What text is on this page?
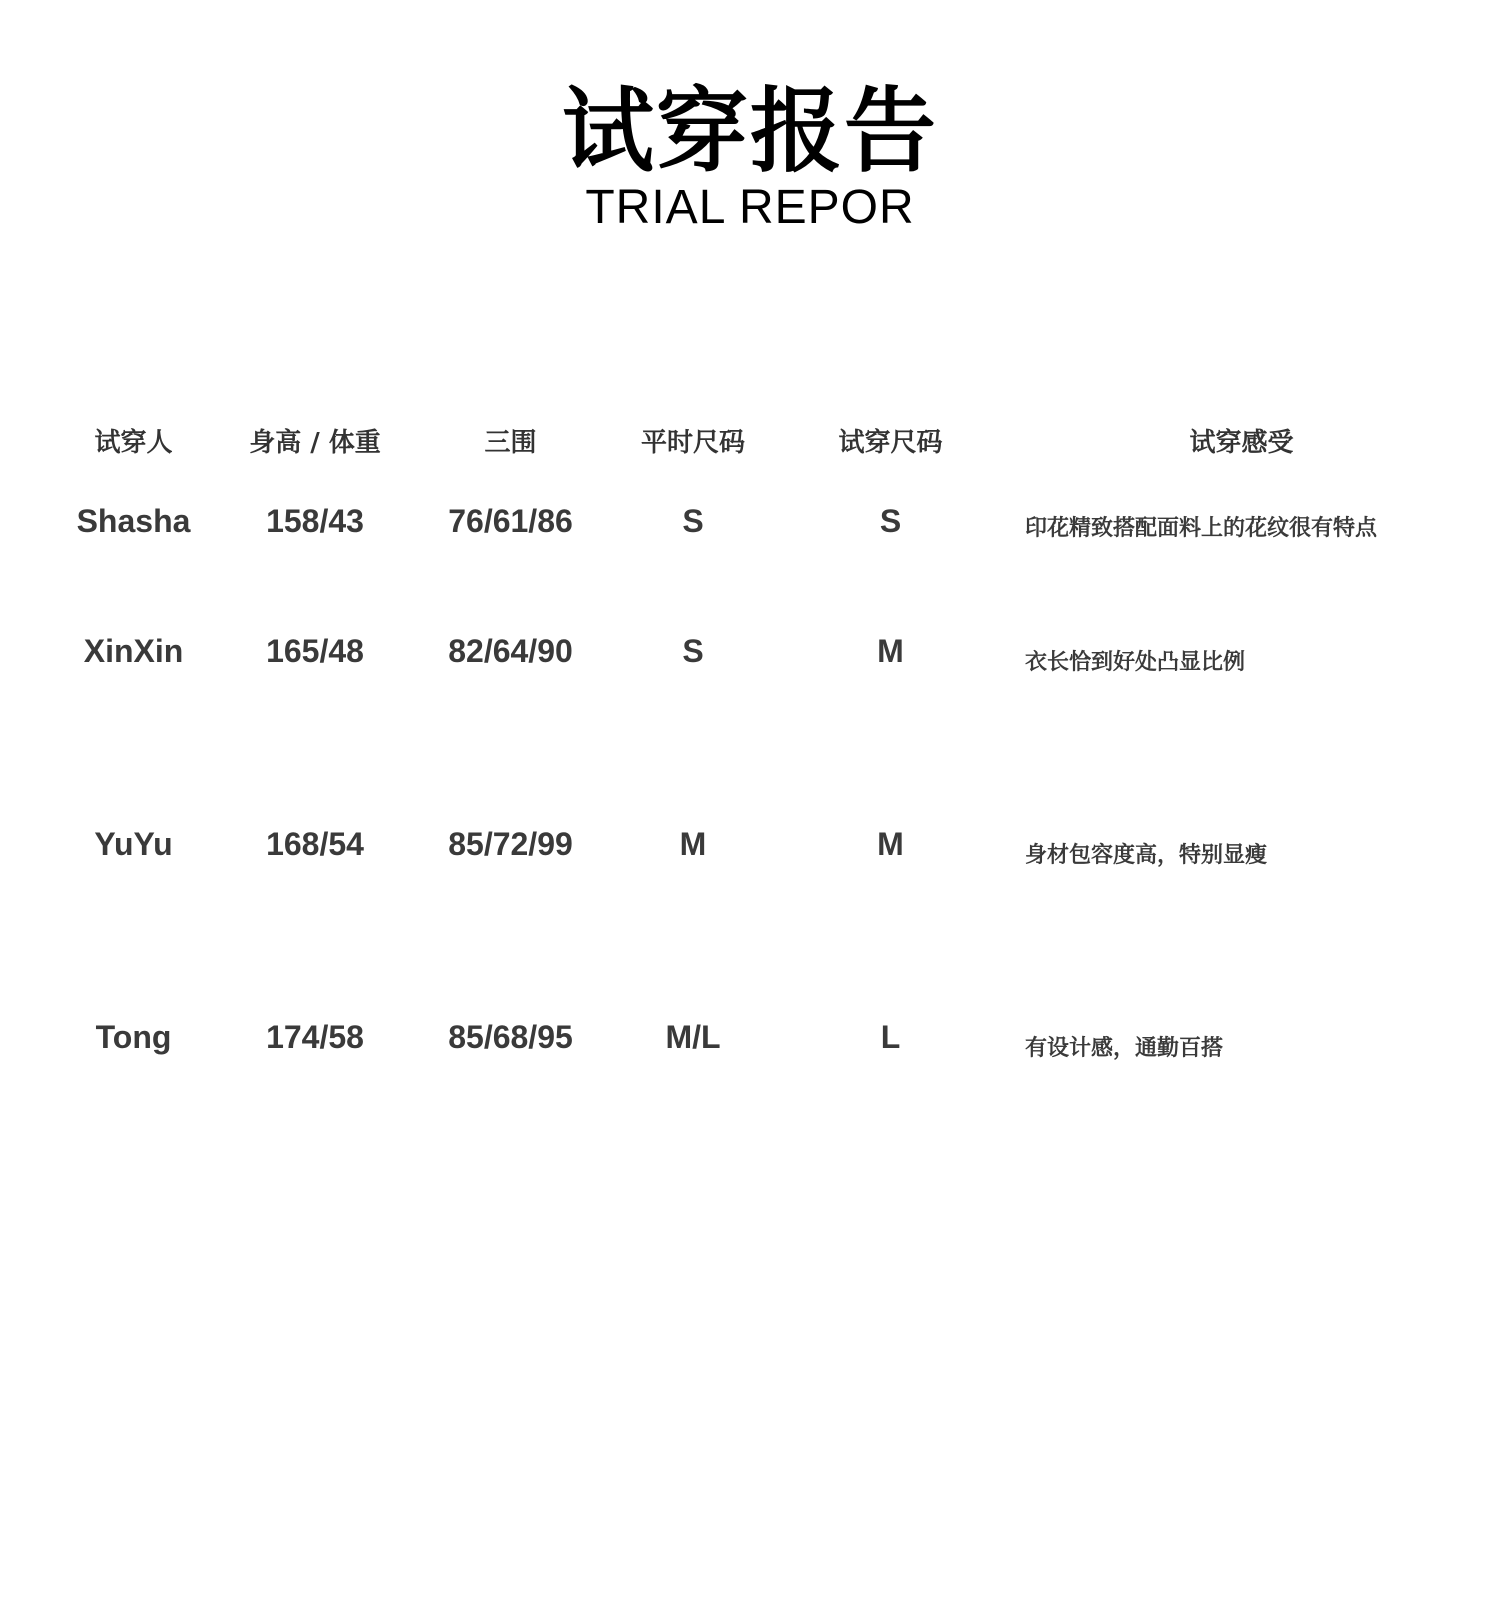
试穿报告
TRIAL REPOR
试穿人	身高 / 体重	三围	平时尺码	试穿尺码	试穿感受
Shasha	158/43	76/61/86	S	S	印花精致搭配面料上的花纹很有特点
XinXin	165/48	82/64/90	S	M	衣长恰到好处凸显比例
YuYu	168/54	85/72/99	M	M	身材包容度高，特别显瘦
Tong	174/58	85/68/95	M/L	L	有设计感，通勤百搭
